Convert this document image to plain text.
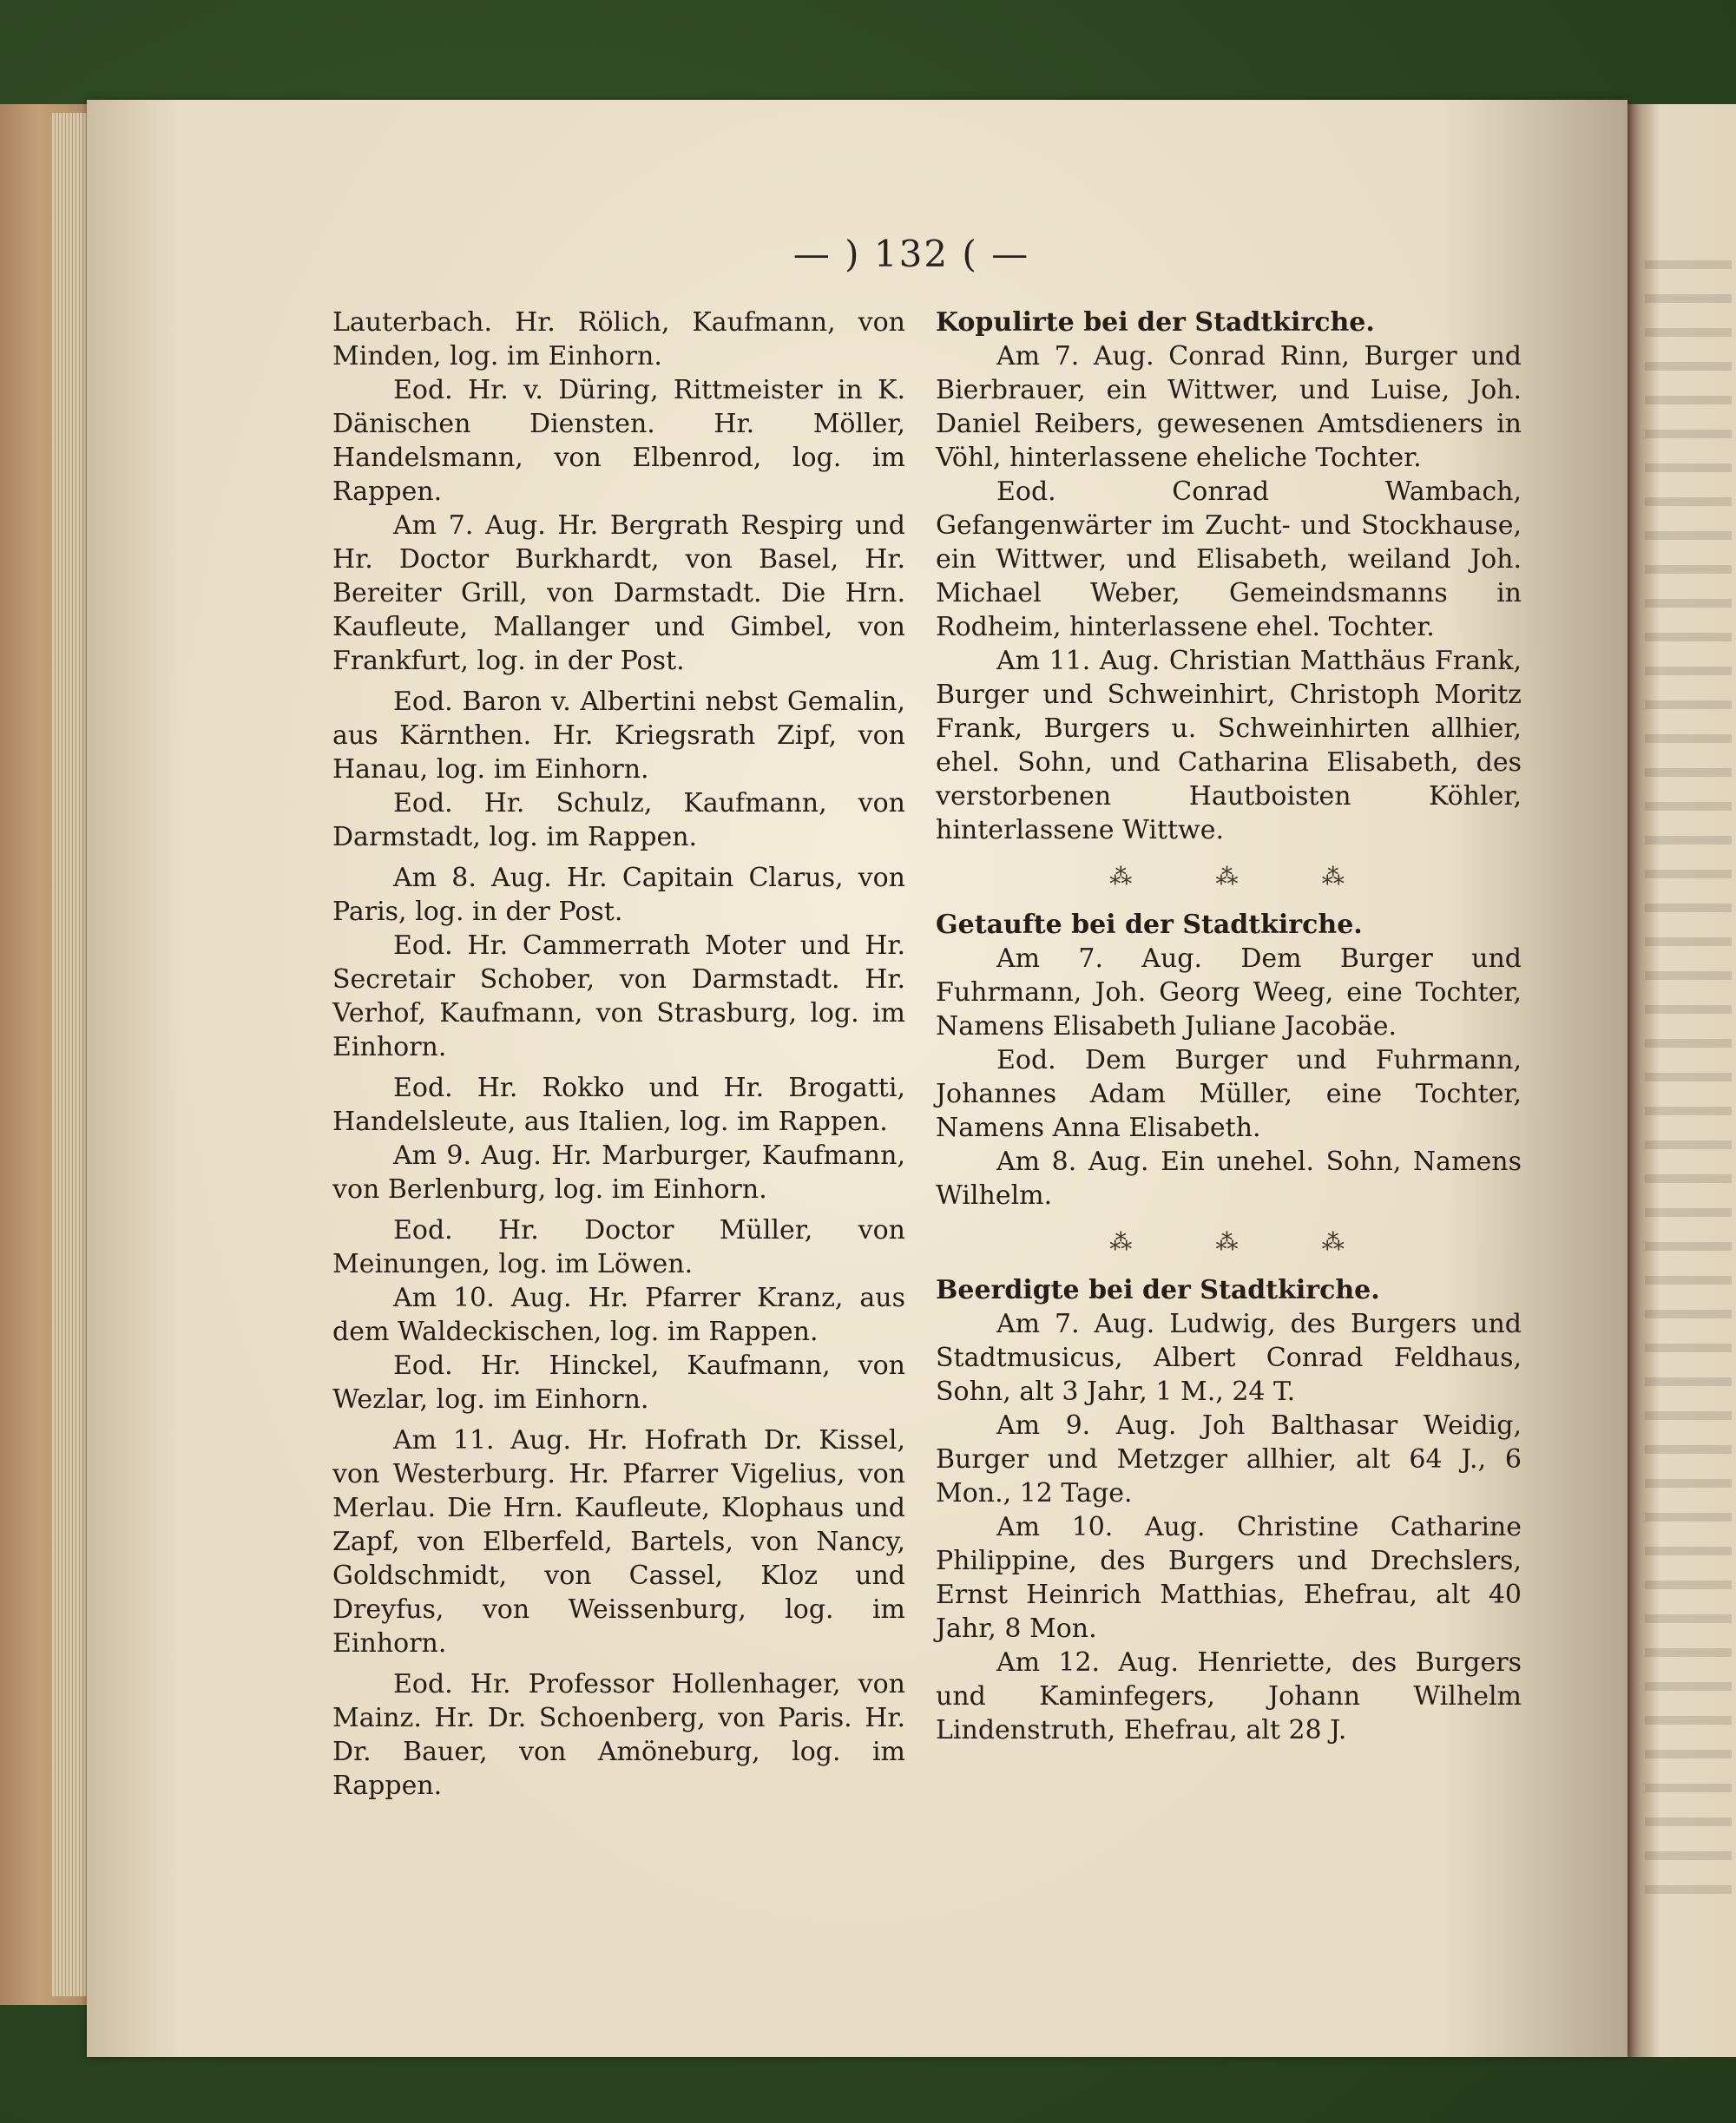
— ) 132 ( —

Lauterbach. Hr. Rölich, Kaufmann, von Minden, log. im Einhorn.

Eod. Hr. v. Düring, Rittmeister in K. Dänischen Diensten. Hr. Möller, Handelsmann, von Elbenrod, log. im Rappen.

Am 7. Aug. Hr. Bergrath Respirg und Hr. Doctor Burkhardt, von Basel, Hr. Bereiter Grill, von Darmstadt. Die Hrn. Kaufleute, Mallanger und Gimbel, von Frankfurt, log. in der Post.

Eod. Baron v. Albertini nebst Gemalin, aus Kärnthen. Hr. Kriegsrath Zipf, von Hanau, log. im Einhorn.

Eod. Hr. Schulz, Kaufmann, von Darmstadt, log. im Rappen.

Am 8. Aug. Hr. Capitain Clarus, von Paris, log. in der Post.

Eod. Hr. Cammerrath Moter und Hr. Secretair Schober, von Darmstadt. Hr. Verhof, Kaufmann, von Strasburg, log. im Einhorn.

Eod. Hr. Rokko und Hr. Brogatti, Handelsleute, aus Italien, log. im Rappen.

Am 9. Aug. Hr. Marburger, Kaufmann, von Berlenburg, log. im Einhorn.

Eod. Hr. Doctor Müller, von Meinungen, log. im Löwen.

Am 10. Aug. Hr. Pfarrer Kranz, aus dem Waldeckischen, log. im Rappen.

Eod. Hr. Hinckel, Kaufmann, von Wezlar, log. im Einhorn.

Am 11. Aug. Hr. Hofrath Dr. Kissel, von Westerburg. Hr. Pfarrer Vigelius, von Merlau. Die Hrn. Kaufleute, Klophaus und Zapf, von Elberfeld, Bartels, von Nancy, Goldschmidt, von Cassel, Kloz und Dreyfus, von Weissenburg, log. im Einhorn.

Eod. Hr. Professor Hollenhager, von Mainz. Hr. Dr. Schoenberg, von Paris. Hr. Dr. Bauer, von Amöneburg, log. im Rappen.

Kopulirte bei der Stadtkirche.

Am 7. Aug. Conrad Rinn, Burger und Bierbrauer, ein Wittwer, und Luise, Joh. Daniel Reibers, gewesenen Amtsdieners in Vöhl, hinterlassene eheliche Tochter.

Eod. Conrad Wambach, Gefangenwärter im Zucht- und Stockhause, ein Wittwer, und Elisabeth, weiland Joh. Michael Weber, Gemeindsmanns in Rodheim, hinterlassene ehel. Tochter.

Am 11. Aug. Christian Matthäus Frank, Burger und Schweinhirt, Christoph Moritz Frank, Burgers u. Schweinhirten allhier, ehel. Sohn, und Catharina Elisabeth, des verstorbenen Hautboisten Köhler, hinterlassene Wittwe.

⁂	⁂	⁂

Getaufte bei der Stadtkirche.

Am 7. Aug. Dem Burger und Fuhrmann, Joh. Georg Weeg, eine Tochter, Namens Elisabeth Juliane Jacobäe.

Eod. Dem Burger und Fuhrmann, Johannes Adam Müller, eine Tochter, Namens Anna Elisabeth.

Am 8. Aug. Ein unehel. Sohn, Namens Wilhelm.

⁂	⁂	⁂

Beerdigte bei der Stadtkirche.

Am 7. Aug. Ludwig, des Burgers und Stadtmusicus, Albert Conrad Feldhaus, Sohn, alt 3 Jahr, 1 M., 24 T.

Am 9. Aug. Joh Balthasar Weidig, Burger und Metzger allhier, alt 64 J., 6 Mon., 12 Tage.

Am 10. Aug. Christine Catharine Philippine, des Burgers und Drechslers, Ernst Heinrich Matthias, Ehefrau, alt 40 Jahr, 8 Mon.

Am 12. Aug. Henriette, des Burgers und Kaminfegers, Johann Wilhelm Lindenstruth, Ehefrau, alt 28 J.
